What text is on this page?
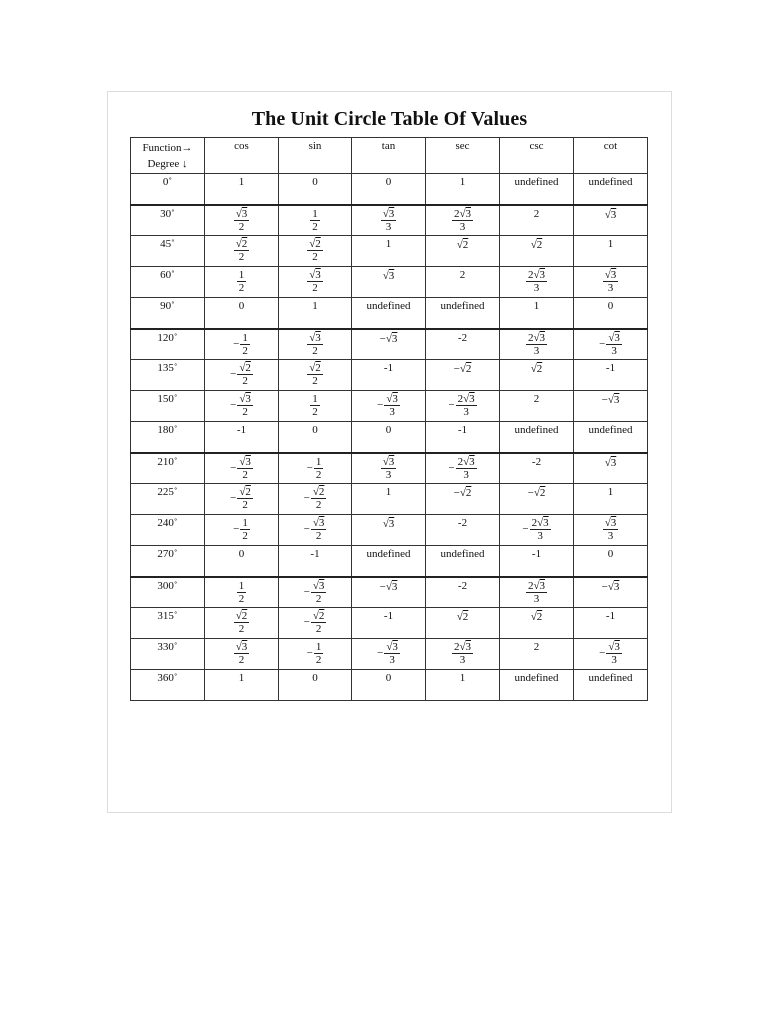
The Unit Circle Table Of Values
Function→
Degree ↓	cos	sin	tan	sec	csc	cot
0˚	1	0	0	1	undefined	undefined
30˚	√ $\frac{3}{2}$	$\frac{1}{2}$	√ $\frac{3}{3}$	$\frac{2 √ 3}{3}$	2	√ 3
45˚	√ $\frac{2}{2}$	√ $\frac{2}{2}$	1	√ 2	√ 2	1
60˚	$\frac{1}{2}$	√ $\frac{3}{2}$	√ 3	2	$\frac{2 √ 3}{3}$	√ $\frac{3}{3}$

90˚	0	1	undefined	undefined	1	0
120˚	− $\frac{1}{2}$	√ $\frac{3}{2}$	− √ 3	-2	$\frac{2 √ 3}{3}$	− √ $\frac{3}{3}$

135˚	− √ $\frac{2}{2}$	√ $\frac{2}{2}$	-1	− √ 2	√ 2	-1
150˚	− √ $\frac{3}{2}$	$\frac{1}{2}$	− √ $\frac{3}{3}$	− $\frac{2 √ 3}{3}$	2	− √ 3
180˚	-1	0	0	-1	undefined	undefined
210˚	− √ $\frac{3}{2}$	− $\frac{1}{2}$	√ $\frac{3}{3}$	− $\frac{2 √ 3}{3}$	-2	√ 3
225˚	− √ $\frac{2}{2}$	− √ $\frac{2}{2}$	1	− √ 2	− √ 2	1
240˚	− $\frac{1}{2}$	− √ $\frac{3}{2}$	√ 3	-2	− $\frac{2 √ 3}{3}$	√ $\frac{3}{3}$

270˚	0	-1	undefined	undefined	-1	0
300˚	$\frac{1}{2}$	− √ $\frac{3}{2}$	− √ 3	-2	$\frac{2 √ 3}{3}$	− √ 3
315˚	√ $\frac{2}{2}$	− √ $\frac{2}{2}$	-1	√ 2	√ 2	-1
330˚	√ $\frac{3}{2}$	− $\frac{1}{2}$	− √ $\frac{3}{3}$	$\frac{2 √ 3}{3}$	2	− √ $\frac{3}{3}$

360˚	1	0	0	1	undefined	undefined
